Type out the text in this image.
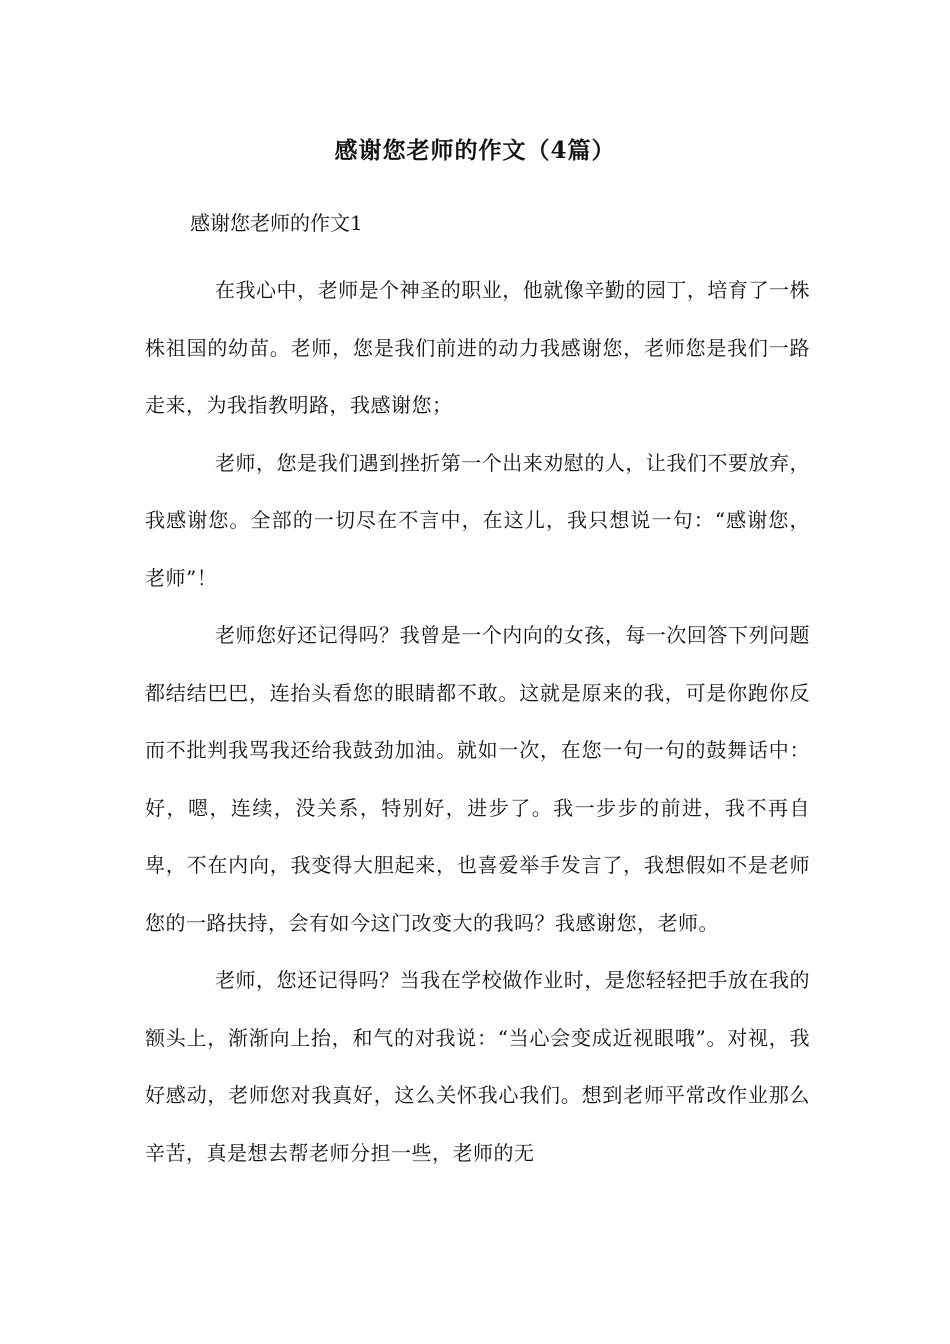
感谢您老师的作文（4篇）
感谢您老师的作文1

在我心中，老师是个神圣的职业，他就像辛勤的园丁，培育了一株株祖国的幼苗。老师，您是我们前进的动力我感谢您，老师您是我们一路走来，为我指教明路，我感谢您；

老师，您是我们遇到挫折第一个出来劝慰的人，让我们不要放弃，我感谢您。全部的一切尽在不言中，在这儿，我只想说一句：“感谢您，老师”！

老师您好还记得吗？我曾是一个内向的女孩，每一次回答下列问题都结结巴巴，连抬头看您的眼睛都不敢。这就是原来的我，可是你跑你反而不批判我骂我还给我鼓劲加油。就如一次，在您一句一句的鼓舞话中：好，嗯，连续，没关系，特别好，进步了。我一步步的前进，我不再自卑，不在内向，我变得大胆起来，也喜爱举手发言了，我想假如不是老师您的一路扶持，会有如今这门改变大的我吗？我感谢您，老师。

老师，您还记得吗？当我在学校做作业时，是您轻轻把手放在我的额头上，渐渐向上抬，和气的对我说：“当心会变成近视眼哦”。对视，我好感动，老师您对我真好，这么关怀我心我们。想到老师平常改作业那么辛苦，真是想去帮老师分担一些，老师的无
